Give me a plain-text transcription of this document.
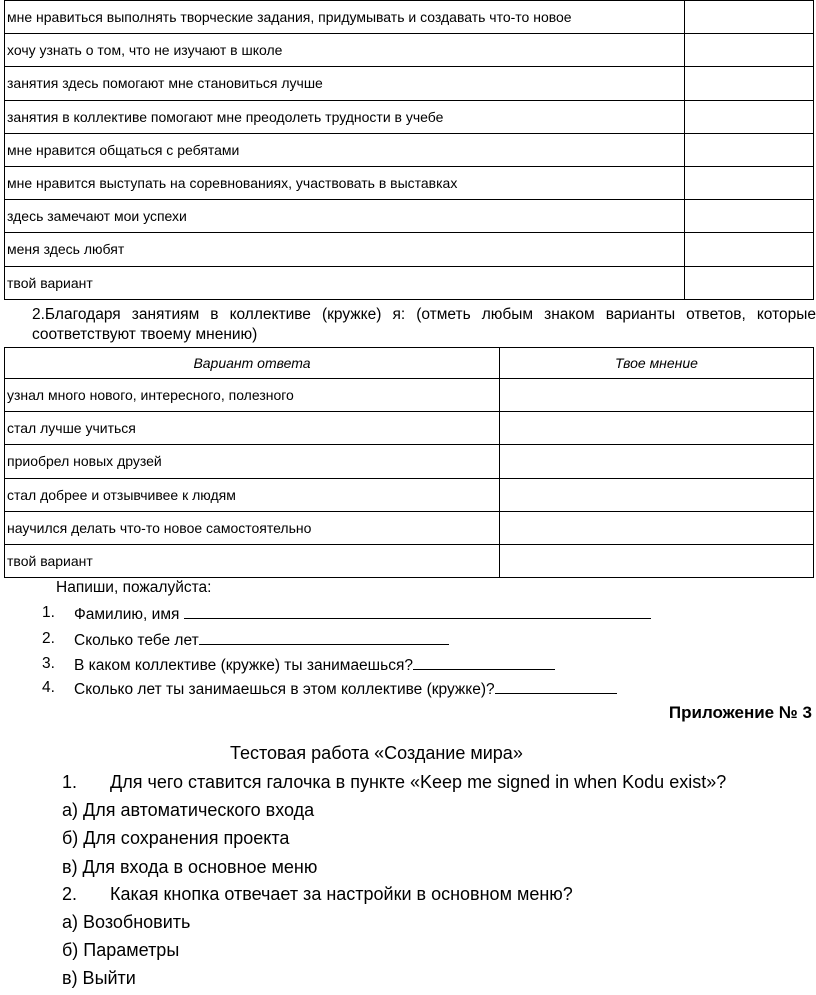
мне нравиться выполнять творческие задания, придумывать и создавать что-то новое	
хочу узнать о том, что не изучают в школе	
занятия здесь помогают мне становиться лучше	
занятия в коллективе помогают мне преодолеть трудности в учебе	
мне нравится общаться с ребятами	
мне нравится выступать на соревнованиях, участвовать в выставках	
здесь замечают мои успехи	
меня здесь любят	
твой вариант	
2.Благодаря занятиям в коллективе (кружке) я: (отметь любым знаком варианты ответов, которые соответствуют твоему мнению)
Вариант ответа	Твое мнение
узнал много нового, интересного, полезного	
стал лучше учиться	
приобрел новых друзей	
стал добрее и отзывчивее к людям	
научился делать что-то новое самостоятельно	
твой вариант	
Напиши, пожалуйста:
1. Фамилию, имя
2. Сколько тебе лет
3. В каком коллективе (кружке) ты занимаешься?
4. Сколько лет ты занимаешься в этом коллективе (кружке)?
Приложение № 3
Тестовая работа «Создание мира»
1. Для чего ставится галочка в пункте «Keep me signed in when Kodu exist»?
а) Для автоматического входа
б) Для сохранения проекта
в) Для входа в основное меню
2. Какая кнопка отвечает за настройки в основном меню?
а) Возобновить
б) Параметры
в) Выйти
